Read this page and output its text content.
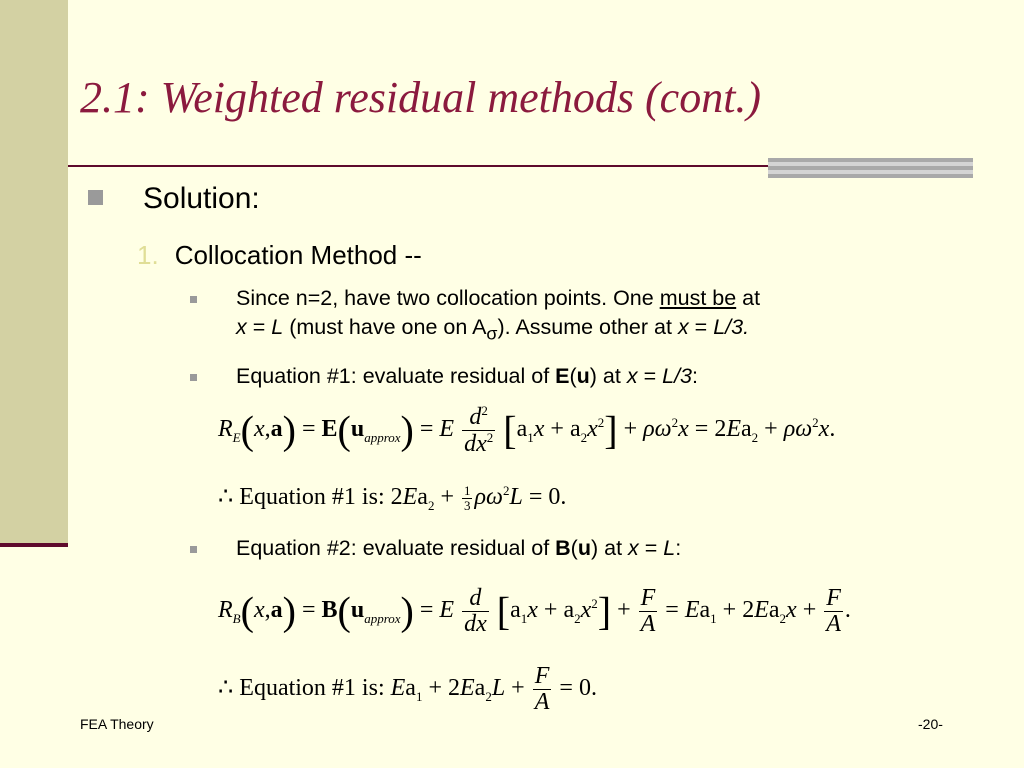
2.1: Weighted residual methods (cont.)
Solution:
1. Collocation Method --
Since n=2, have two collocation points. One must be at
x = L (must have one on $A_\sigma$). Assume other at x = L/3.
Equation #1: evaluate residual of E(u) at x = L/3:
$R_E(x,a) = E(u_{approx}) = E \frac{d^2}{dx^2} [a_1x + a_2x^2] + \rho\omega^2x = 2Ea_2 + \rho\omega^2x$.
∴ Equation #1 is: $2Ea_2 + \frac{1}{3} \rho\omega^2L = 0$.
Equation #2: evaluate residual of B(u) at x = L:
$R_B(x,a) = B(u_{approx}) = E \frac{d}{dx} [a_1x + a_2x^2] + \frac{F}{A} = Ea_1 + 2Ea_2x + \frac{F}{A}$ .
∴ Equation #1 is: $Ea_1 + 2Ea_2L + \frac{F}{A} = 0$.
FEA Theory	-20-
